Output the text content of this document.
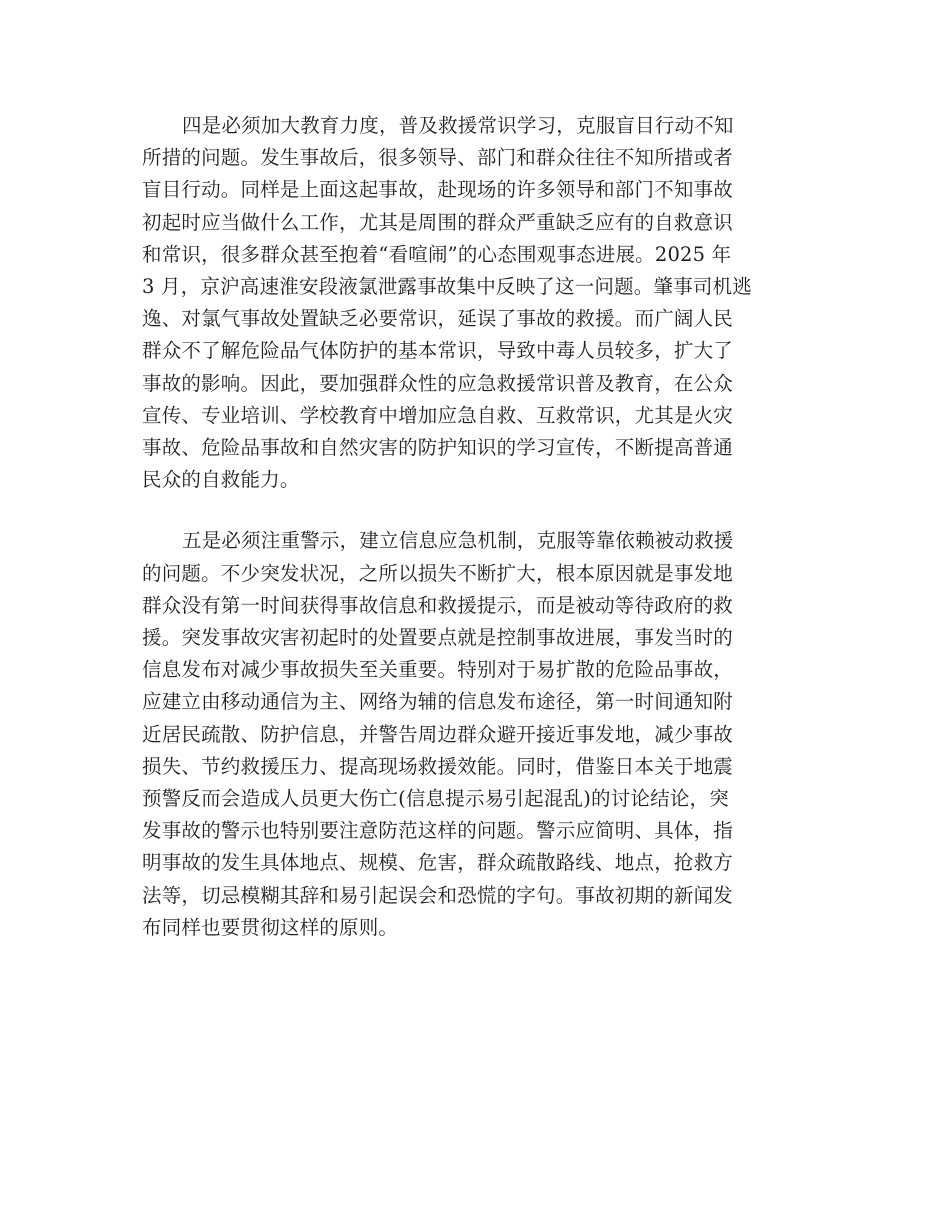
四是必须加大教育力度，普及救援常识学习，克服盲目行动不知

所措的问题。发生事故后，很多领导、部门和群众往往不知所措或者

盲目行动。同样是上面这起事故，赴现场的许多领导和部门不知事故

初起时应当做什么工作，尤其是周围的群众严重缺乏应有的自救意识

和常识，很多群众甚至抱着“看喧闹”的心态围观事态进展。2025 年

3 月，京沪高速淮安段液氯泄露事故集中反映了这一问题。肇事司机逃

逸、对氯气事故处置缺乏必要常识，延误了事故的救援。而广阔人民

群众不了解危险品气体防护的基本常识，导致中毒人员较多，扩大了

事故的影响。因此，要加强群众性的应急救援常识普及教育，在公众

宣传、专业培训、学校教育中增加应急自救、互救常识，尤其是火灾

事故、危险品事故和自然灾害的防护知识的学习宣传，不断提高普通

民众的自救能力。

五是必须注重警示，建立信息应急机制，克服等靠依赖被动救援

的问题。不少突发状况，之所以损失不断扩大，根本原因就是事发地

群众没有第一时间获得事故信息和救援提示，而是被动等待政府的救

援。突发事故灾害初起时的处置要点就是控制事故进展，事发当时的

信息发布对减少事故损失至关重要。特别对于易扩散的危险品事故，

应建立由移动通信为主、网络为辅的信息发布途径，第一时间通知附

近居民疏散、防护信息，并警告周边群众避开接近事发地，减少事故

损失、节约救援压力、提高现场救援效能。同时，借鉴日本关于地震

预警反而会造成人员更大伤亡(信息提示易引起混乱)的讨论结论，突

发事故的警示也特别要注意防范这样的问题。警示应简明、具体，指

明事故的发生具体地点、规模、危害，群众疏散路线、地点，抢救方

法等，切忌模糊其辞和易引起误会和恐慌的字句。事故初期的新闻发

布同样也要贯彻这样的原则。
